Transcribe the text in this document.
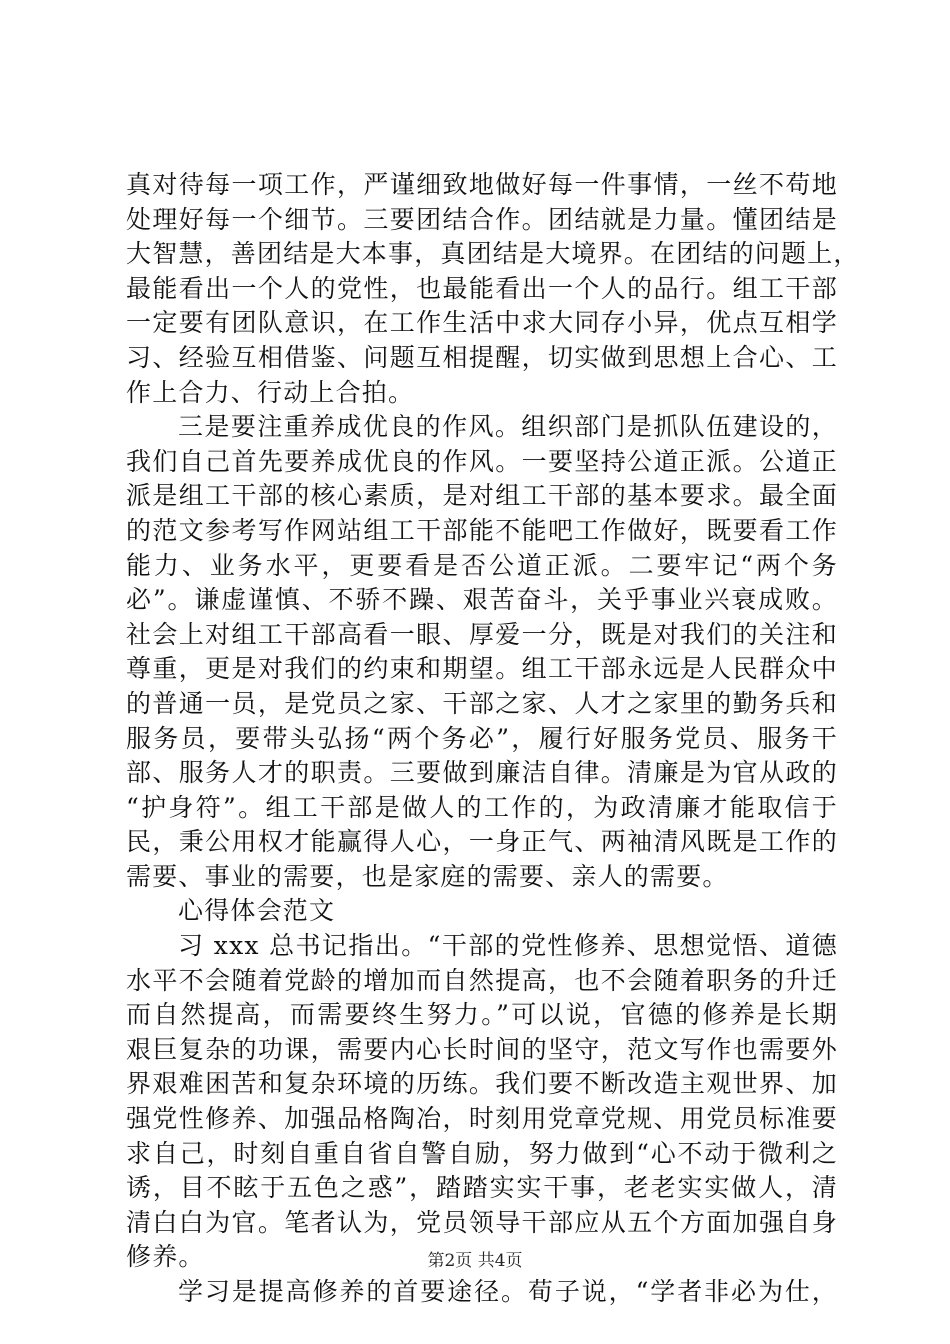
真对待每一项工作，严谨细致地做好每一件事情，一丝不苟地
处理好每一个细节。三要团结合作。团结就是力量。懂团结是
大智慧，善团结是大本事，真团结是大境界。在团结的问题上，
最能看出一个人的党性，也最能看出一个人的品行。组工干部
一定要有团队意识，在工作生活中求大同存小异，优点互相学
习、经验互相借鉴、问题互相提醒，切实做到思想上合心、工
作上合力、行动上合拍。
三是要注重养成优良的作风。组织部门是抓队伍建设的，
我们自己首先要养成优良的作风。一要坚持公道正派。公道正
派是组工干部的核心素质，是对组工干部的基本要求。最全面
的范文参考写作网站组工干部能不能吧工作做好，既要看工作
能力、业务水平，更要看是否公道正派。二要牢记“两个务
必”。谦虚谨慎、不骄不躁、艰苦奋斗，关乎事业兴衰成败。
社会上对组工干部高看一眼、厚爱一分，既是对我们的关注和
尊重，更是对我们的约束和期望。组工干部永远是人民群众中
的普通一员，是党员之家、干部之家、人才之家里的勤务兵和
服务员，要带头弘扬“两个务必”，履行好服务党员、服务干
部、服务人才的职责。三要做到廉洁自律。清廉是为官从政的
“护身符”。组工干部是做人的工作的，为政清廉才能取信于
民，秉公用权才能赢得人心，一身正气、两袖清风既是工作的
需要、事业的需要，也是家庭的需要、亲人的需要。
心得体会范文
习 xxx 总书记指出。“干部的党性修养、思想觉悟、道德
水平不会随着党龄的增加而自然提高，也不会随着职务的升迁
而自然提高，而需要终生努力。”可以说，官德的修养是长期
艰巨复杂的功课，需要内心长时间的坚守，范文写作也需要外
界艰难困苦和复杂环境的历练。我们要不断改造主观世界、加
强党性修养、加强品格陶冶，时刻用党章党规、用党员标准要
求自己，时刻自重自省自警自励，努力做到“心不动于微利之
诱，目不眩于五色之惑”，踏踏实实干事，老老实实做人，清
清白白为官。笔者认为，党员领导干部应从五个方面加强自身
修养。
学习是提高修养的首要途径。荀子说，“学者非必为仕，
第2页 共4页
